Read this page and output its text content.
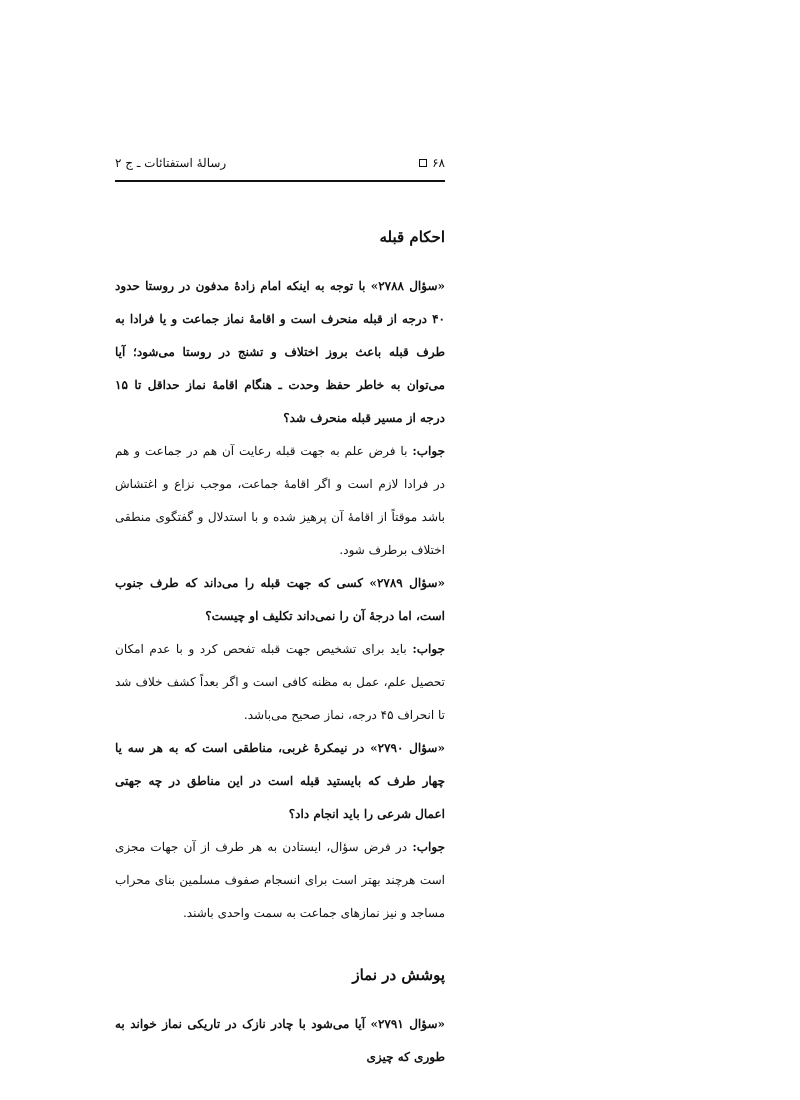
۶۸
رسالهٔ استفتائات ـ ج ۲
احکام قبله

«سؤال ۲۷۸۸» با توجه به اینکه امام زادهٔ مدفون در روستا حدود ۴۰ درجه از قبله منحرف است و اقامهٔ نماز جماعت و یا فرادا به طرف قبله باعث بروز اختلاف و تشنج در روستا می‌شود؛ آیا می‌توان به خاطر حفظ وحدت ـ هنگام اقامهٔ نماز حداقل تا ۱۵ درجه از مسیر قبله منحرف شد؟

جواب: با فرض علم به جهت قبله رعایت آن هم در جماعت و هم در فرادا لازم است و اگر اقامهٔ جماعت، موجب نزاع و اغتشاش باشد موقتاً از اقامهٔ آن پرهیز شده و با استدلال و گفتگوی منطقی اختلاف برطرف شود.

«سؤال ۲۷۸۹» کسی که جهت قبله را می‌داند که طرف جنوب است، اما درجهٔ آن را نمی‌داند تکلیف او چیست؟

جواب: باید برای تشخیص جهت قبله تفحص کرد و با عدم امکان تحصیل علم، عمل به مظنه کافی است و اگر بعداً کشف خلاف شد تا انحراف ۴۵ درجه، نماز صحیح می‌باشد.

«سؤال ۲۷۹۰» در نیمکرهٔ غربی، مناطقی است که به هر سه یا چهار طرف که بایستید قبله است در این مناطق در چه جهتی اعمال شرعی را باید انجام داد؟

جواب: در فرض سؤال، ایستادن به هر طرف از آن جهات مجزی است هرچند بهتر است برای انسجام صفوف مسلمین بنای محراب مساجد و نیز نمازهای جماعت به سمت واحدی باشند.

پوشش در نماز

«سؤال ۲۷۹۱» آیا می‌شود با چادر نازک در تاریکی نماز خواند به طوری که چیزی
